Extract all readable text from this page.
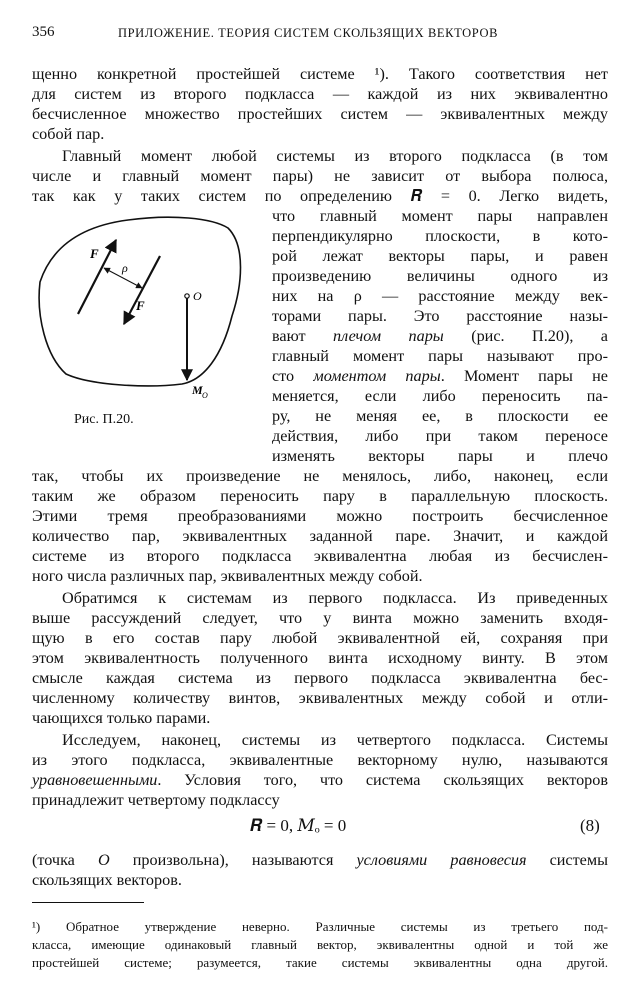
356	ПРИЛОЖЕНИЕ. ТЕОРИЯ СИСТЕМ СКОЛЬЗЯЩИХ ВЕКТОРОВ
щенно конкретной простейшей системе ¹). Такого соответствия нет
для систем из второго подкласса — каждой из них эквивалентно
бесчисленное множество простейших систем — эквивалентных между
собой пар.
Главный момент любой системы из второго подкласса (в том
числе и главный момент пары) не зависит от выбора полюса,
так как у таких систем по определению 𝑹 = 0. Легко видеть,
что главный момент пары направлен
перпендикулярно плоскости, в кото-
рой лежат векторы пары, и равен
произведению величины одного из
них на ρ — расстояние между век-
торами пары. Это расстояние назы-
вают плечом пары (рис. П.20), а
главный момент пары называют про-
сто моментом пары. Момент пары не
меняется, если либо переносить па-
ру, не меняя ее, в плоскости ее
действия, либо при таком переносе
изменять векторы пары и плечо
так, чтобы их произведение не менялось, либо, наконец, если
таким же образом переносить пару в параллельную плоскость.
Этими тремя преобразованиями можно построить бесчисленное
количество пар, эквивалентных заданной паре. Значит, и каждой
системе из второго подкласса эквивалентна любая из бесчислен-
ного числа различных пар, эквивалентных между собой.
Обратимся к системам из первого подкласса. Из приведенных
выше рассуждений следует, что у винта можно заменить входя-
щую в его состав пару любой эквивалентной ей, сохраняя при
этом эквивалентность полученного винта исходному винту. В этом
смысле каждая система из первого подкласса эквивалентна бес-
численному количеству винтов, эквивалентных между собой и отли-
чающихся только парами.
Исследуем, наконец, системы из четвертого подкласса. Системы
из этого подкласса, эквивалентные векторному нулю, называются
уравновешенными. Условия того, что система скользящих векторов
принадлежит четвертому подклассу
𝑹 = 0, 𝑀ₒ = 0	(8)
(точка O произвольна), называются условиями равновесия системы
скользящих векторов.
¹) Обратное утверждение неверно. Различные системы из третьего под-
класса, имеющие одинаковый главный вектор, эквивалентны одной и той же
простейшей системе; разумеется, такие системы эквивалентны одна другой.
F
F
ρ
O
M O
Рис. П.20.
